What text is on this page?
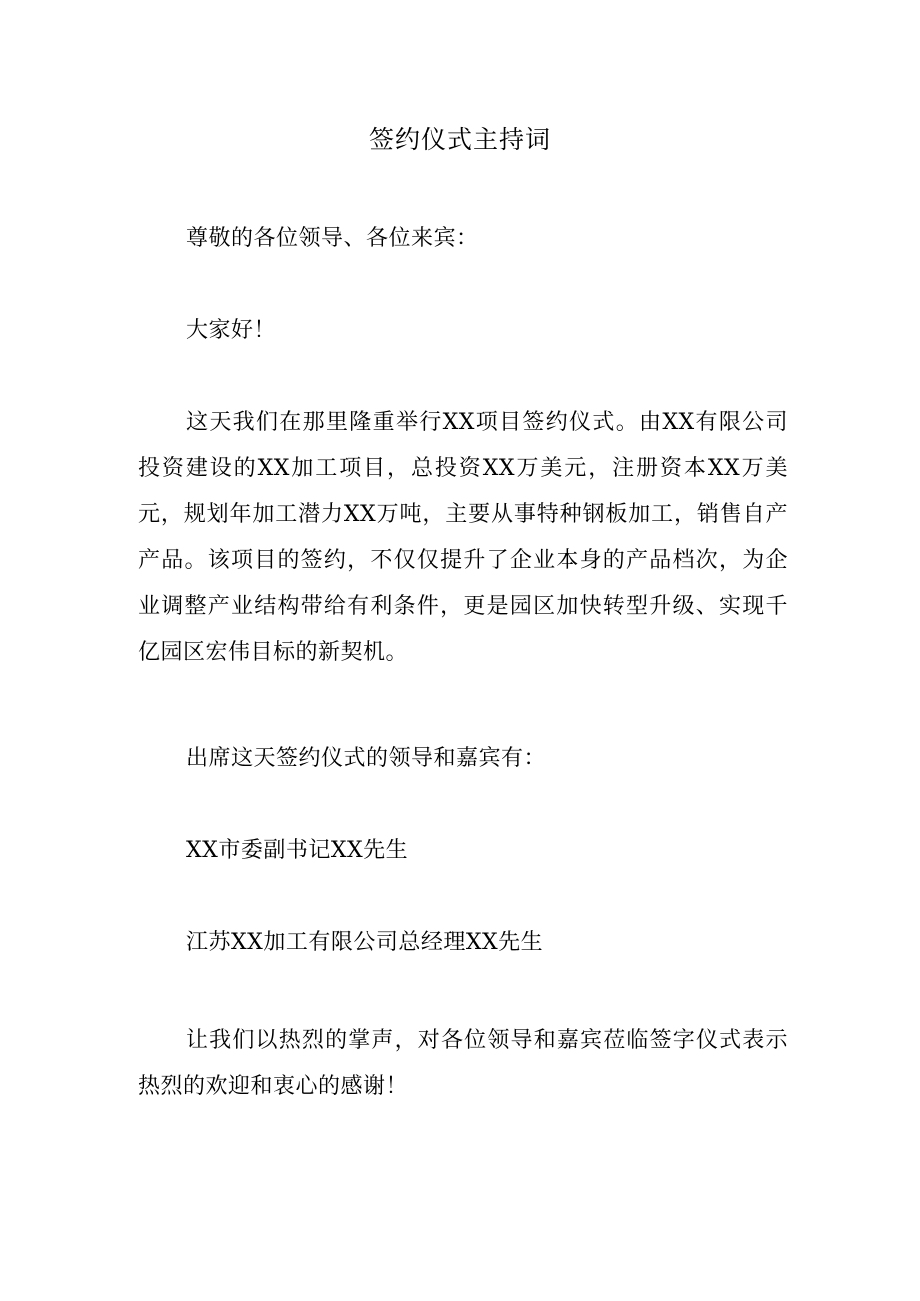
签约仪式主持词

尊敬的各位领导、各位来宾：

大家好！

这天我们在那里隆重举行XX项目签约仪式。由XX有限公司投资建设的XX加工项目，总投资XX万美元，注册资本XX万美元，规划年加工潜力XX万吨，主要从事特种钢板加工，销售自产产品。该项目的签约，不仅仅提升了企业本身的产品档次，为企业调整产业结构带给有利条件，更是园区加快转型升级、实现千亿园区宏伟目标的新契机。

出席这天签约仪式的领导和嘉宾有：

XX市委副书记XX先生

江苏XX加工有限公司总经理XX先生

让我们以热烈的掌声，对各位领导和嘉宾莅临签字仪式表示热烈的欢迎和衷心的感谢！
